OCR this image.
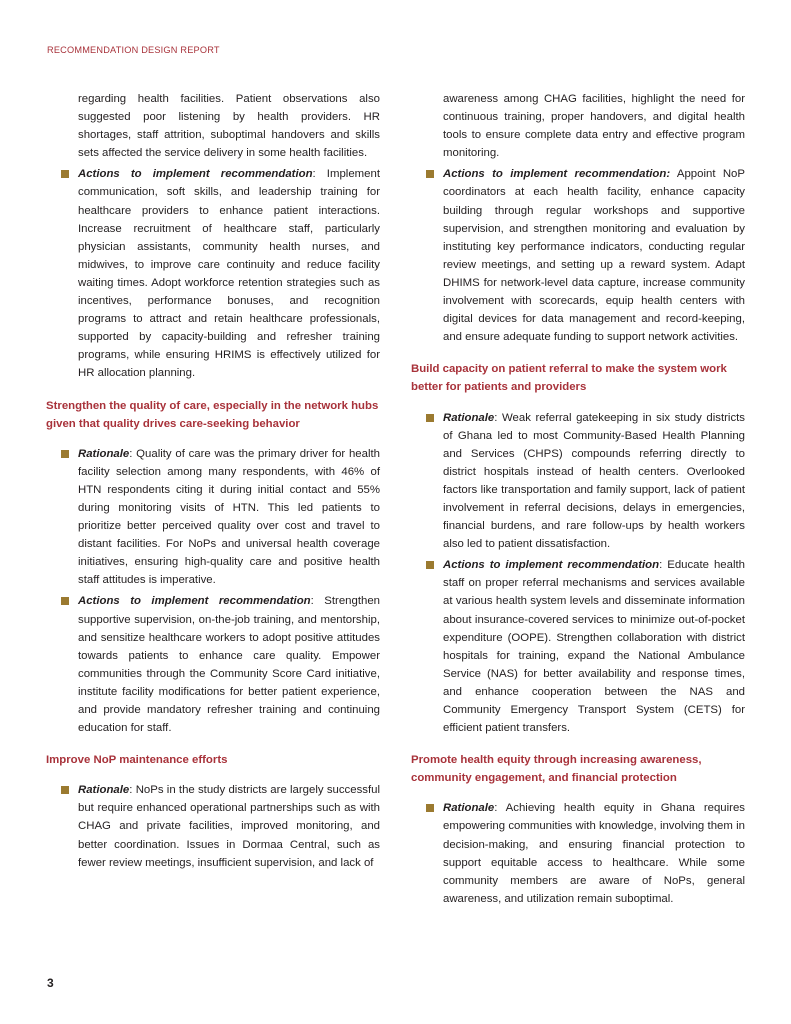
RECOMMENDATION DESIGN REPORT

regarding health facilities. Patient observations also suggested poor listening by health providers. HR shortages, staff attrition, suboptimal handovers and skills sets affected the service delivery in some health facilities.

Actions to implement recommendation: Implement communication, soft skills, and leadership training for healthcare providers to enhance patient interactions. Increase recruitment of healthcare staff, particularly physician assistants, community health nurses, and midwives, to improve care continuity and reduce facility waiting times. Adopt workforce retention strategies such as incentives, performance bonuses, and recognition programs to attract and retain healthcare professionals, supported by capacity-building and refresher training programs, while ensuring HRIMS is effectively utilized for HR allocation planning.
Strengthen the quality of care, especially in the network hubs given that quality drives care-seeking behavior
Rationale: Quality of care was the primary driver for health facility selection among many respondents, with 46% of HTN respondents citing it during initial contact and 55% during monitoring visits of HTN. This led patients to prioritize better perceived quality over cost and travel to distant facilities. For NoPs and universal health coverage initiatives, ensuring high-quality care and positive health staff attitudes is imperative.
Actions to implement recommendation: Strengthen supportive supervision, on-the-job training, and mentorship, and sensitize healthcare workers to adopt positive attitudes towards patients to enhance care quality. Empower communities through the Community Score Card initiative, institute facility modifications for better patient experience, and provide mandatory refresher training and continuing education for staff.
Improve NoP maintenance efforts
Rationale: NoPs in the study districts are largely successful but require enhanced operational partnerships such as with CHAG and private facilities, improved monitoring, and better coordination. Issues in Dormaa Central, such as fewer review meetings, insufficient supervision, and lack of

awareness among CHAG facilities, highlight the need for continuous training, proper handovers, and digital health tools to ensure complete data entry and effective program monitoring.

Actions to implement recommendation: Appoint NoP coordinators at each health facility, enhance capacity building through regular workshops and supportive supervision, and strengthen monitoring and evaluation by instituting key performance indicators, conducting regular review meetings, and setting up a reward system. Adapt DHIMS for network-level data capture, increase community involvement with scorecards, equip health centers with digital devices for data management and record-keeping, and ensure adequate funding to support network activities.
Build capacity on patient referral to make the system work better for patients and providers
Rationale: Weak referral gatekeeping in six study districts of Ghana led to most Community-Based Health Planning and Services (CHPS) compounds referring directly to district hospitals instead of health centers. Overlooked factors like transportation and family support, lack of patient involvement in referral decisions, delays in emergencies, financial burdens, and rare follow-ups by health workers also led to patient dissatisfaction.
Actions to implement recommendation: Educate health staff on proper referral mechanisms and services available at various health system levels and disseminate information about insurance-covered services to minimize out-of-pocket expenditure (OOPE). Strengthen collaboration with district hospitals for training, expand the National Ambulance Service (NAS) for better availability and response times, and enhance cooperation between the NAS and Community Emergency Transport System (CETS) for efficient patient transfers.
Promote health equity through increasing awareness, community engagement, and financial protection
Rationale: Achieving health equity in Ghana requires empowering communities with knowledge, involving them in decision-making, and ensuring financial protection to support equitable access to healthcare. While some community members are aware of NoPs, general awareness, and utilization remain suboptimal.
3
